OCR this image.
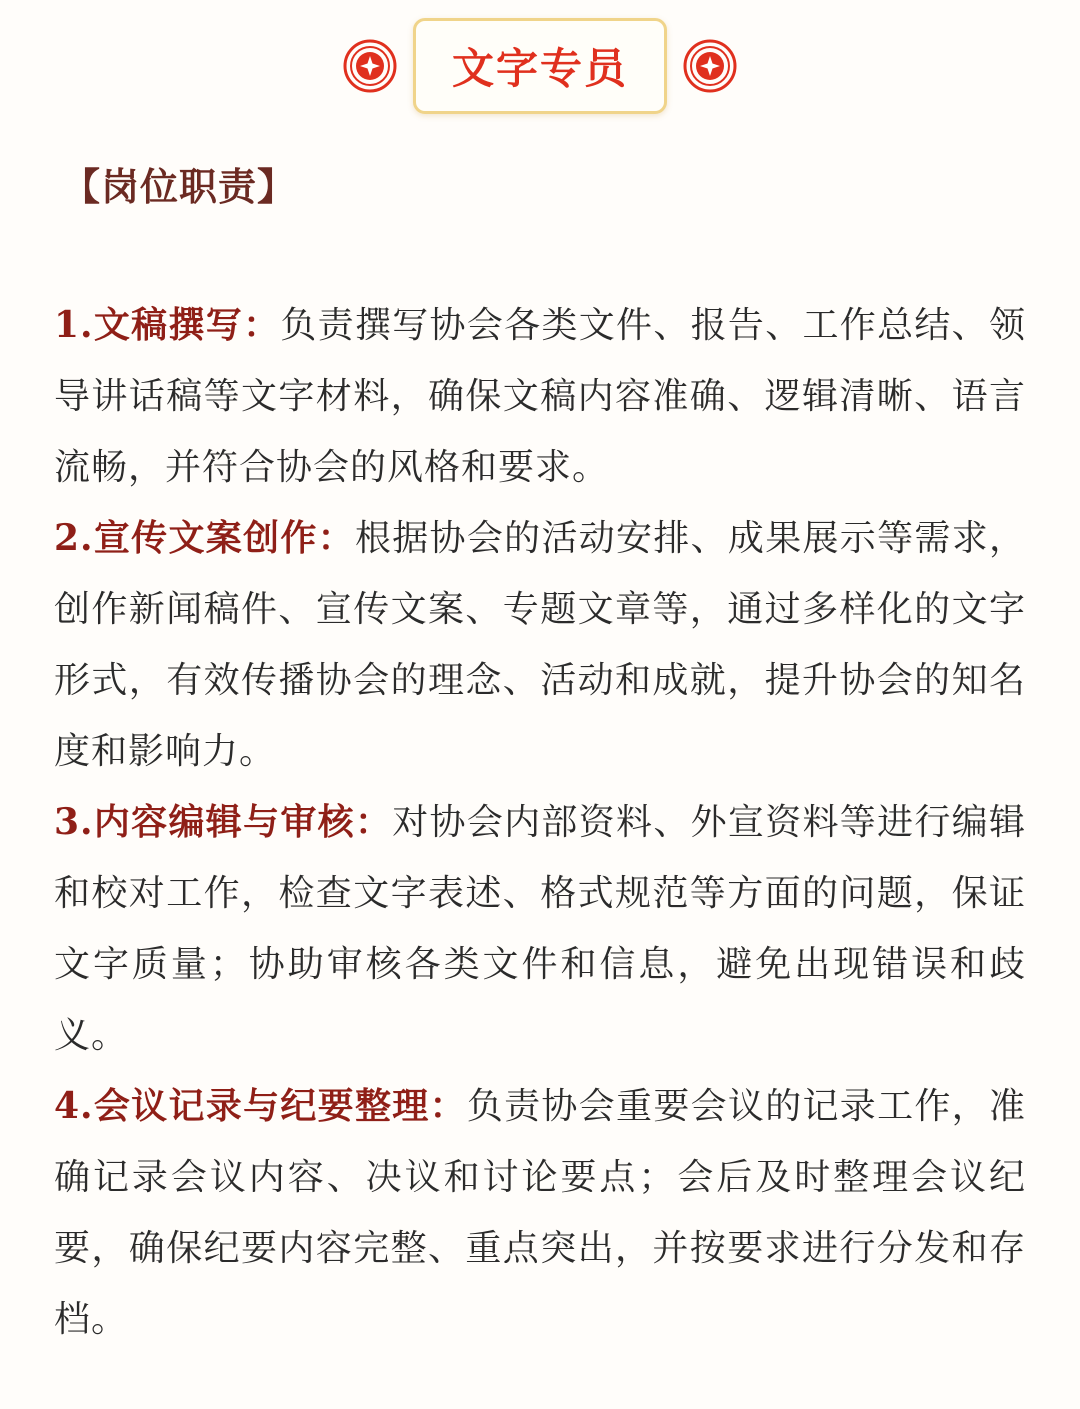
文字专员
【岗位职责】

1.文稿撰写：负责撰写协会各类文件、报告、工作总结、领导讲话稿等文字材料，确保文稿内容准确、逻辑清晰、语言流畅，并符合协会的风格和要求。

2.宣传文案创作：根据协会的活动安排、成果展示等需求，创作新闻稿件、宣传文案、专题文章等，通过多样化的文字形式，有效传播协会的理念、活动和成就，提升协会的知名度和影响力。

3.内容编辑与审核：对协会内部资料、外宣资料等进行编辑和校对工作，检查文字表述、格式规范等方面的问题，保证文字质量；协助审核各类文件和信息，避免出现错误和歧义。

4.会议记录与纪要整理：负责协会重要会议的记录工作，准确记录会议内容、决议和讨论要点；会后及时整理会议纪要，确保纪要内容完整、重点突出，并按要求进行分发和存档。
